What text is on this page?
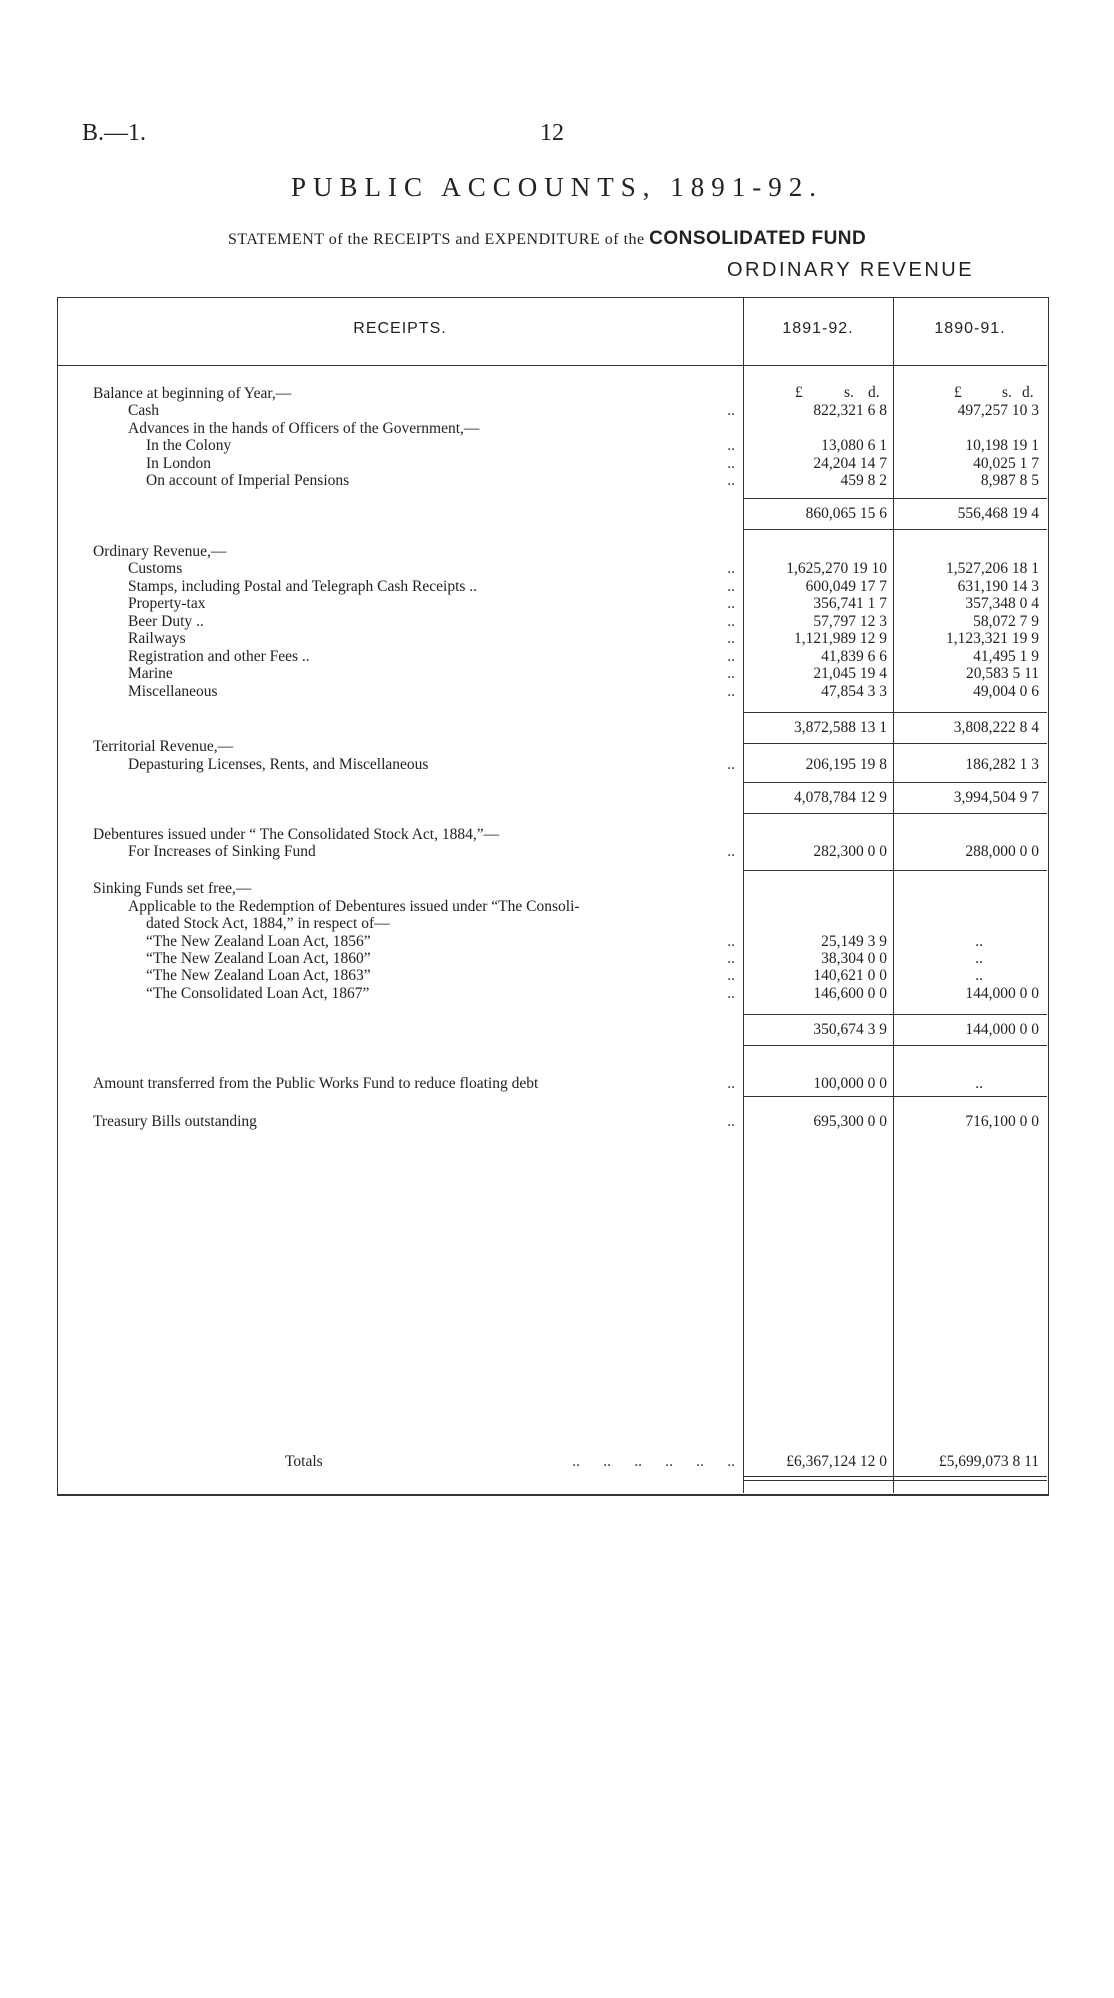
B.—1.	12
PUBLIC ACCOUNTS, 1891-92.
STATEMENT of the RECEIPTS and EXPENDITURE of the CONSOLIDATED FUND
ORDINARY REVENUE
RECEIPTS.	1891-92.	1890-91.
£	s. d.	£	s. d.
Balance at beginning of Year,—
Cash	..	822,321 6 8	497,257 10 3
Advances in the hands of Officers of the Government,—
In the Colony	..	13,080 6 1	10,198 19 1
In London	..	24,204 14 7	40,025 1 7
On account of Imperial Pensions	..	459 8 2	8,987 8 5
860,065 15 6	556,468 19 4
Ordinary Revenue,—
Customs	..	1,625,270 19 10	1,527,206 18 1
Stamps, including Postal and Telegraph Cash Receipts ..	..	600,049 17 7	631,190 14 3
Property-tax	..	356,741 1 7	357,348 0 4
Beer Duty ..	..	57,797 12 3	58,072 7 9
Railways	..	1,121,989 12 9	1,123,321 19 9
Registration and other Fees ..	..	41,839 6 6	41,495 1 9
Marine	..	21,045 19 4	20,583 5 11
Miscellaneous	..	47,854 3 3	49,004 0 6
3,872,588 13 1	3,808,222 8 4
Territorial Revenue,—
Depasturing Licenses, Rents, and Miscellaneous	..	206,195 19 8	186,282 1 3
4,078,784 12 9	3,994,504 9 7
Debentures issued under “ The Consolidated Stock Act, 1884,”—
For Increases of Sinking Fund	..	282,300 0 0	288,000 0 0
Sinking Funds set free,—
Applicable to the Redemption of Debentures issued under “The Consoli-
dated Stock Act, 1884,” in respect of—
“The New Zealand Loan Act, 1856”	..	25,149 3 9	..
“The New Zealand Loan Act, 1860”	..	38,304 0 0	..
“The New Zealand Loan Act, 1863”	..	140,621 0 0	..
“The Consolidated Loan Act, 1867”	..	146,600 0 0	144,000 0 0
350,674 3 9	144,000 0 0
Amount transferred from the Public Works Fund to reduce floating debt	..	100,000 0 0	..
Treasury Bills outstanding	..	695,300 0 0	716,100 0 0
Totals	..      ..      ..      ..      ..      ..	£6,367,124 12 0	£5,699,073 8 11
